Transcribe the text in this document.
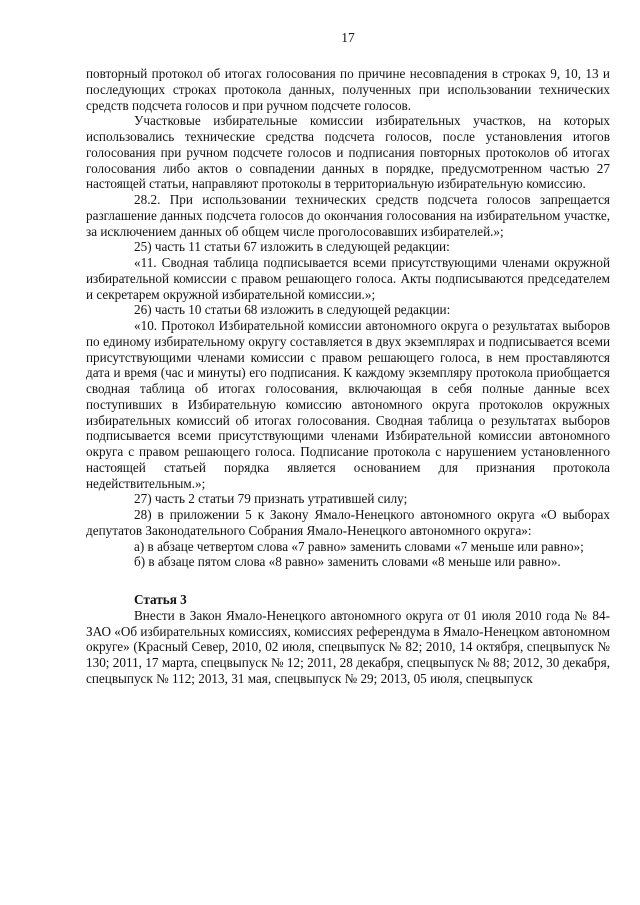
17

повторный протокол об итогах голосования по причине несовпадения в строках 9, 10, 13 и последующих строках протокола данных, полученных при использовании технических средств подсчета голосов и при ручном подсчете голосов.

Участковые избирательные комиссии избирательных участков, на которых использовались технические средства подсчета голосов, после установления итогов голосования при ручном подсчете голосов и подписания повторных протоколов об итогах голосования либо актов о совпадении данных в порядке, предусмотренном частью 27 настоящей статьи, направляют протоколы в территориальную избирательную комиссию.

28.2. При использовании технических средств подсчета голосов запрещается разглашение данных подсчета голосов до окончания голосования на избирательном участке, за исключением данных об общем числе проголосовавших избирателей.»;

25) часть 11 статьи 67 изложить в следующей редакции:

«11. Сводная таблица подписывается всеми присутствующими членами окружной избирательной комиссии с правом решающего голоса. Акты подписываются председателем и секретарем окружной избирательной комиссии.»;

26) часть 10 статьи 68 изложить в следующей редакции:

«10. Протокол Избирательной комиссии автономного округа о результатах выборов по единому избирательному округу составляется в двух экземплярах и подписывается всеми присутствующими членами комиссии с правом решающего голоса, в нем проставляются дата и время (час и минуты) его подписания. К каждому экземпляру протокола приобщается сводная таблица об итогах голосования, включающая в себя полные данные всех поступивших в Избирательную комиссию автономного округа протоколов окружных избирательных комиссий об итогах голосования. Сводная таблица о результатах выборов подписывается всеми присутствующими членами Избирательной комиссии автономного округа с правом решающего голоса. Подписание протокола с нарушением установленного настоящей статьей порядка является основанием для признания протокола недействительным.»;

27) часть 2 статьи 79 признать утратившей силу;

28) в приложении 5 к Закону Ямало-Ненецкого автономного округа «О выборах депутатов Законодательного Собрания Ямало-Ненецкого автономного округа»:

а) в абзаце четвертом слова «7 равно» заменить словами «7 меньше или равно»;

б) в абзаце пятом слова «8 равно» заменить словами «8 меньше или равно».

Статья 3

Внести в Закон Ямало-Ненецкого автономного округа от 01 июля 2010 года № 84-ЗАО «Об избирательных комиссиях, комиссиях референдума в Ямало-Ненецком автономном округе» (Красный Север, 2010, 02 июля, спецвыпуск № 82; 2010, 14 октября, спецвыпуск № 130; 2011, 17 марта, спецвыпуск № 12; 2011, 28 декабря, спецвыпуск № 88; 2012, 30 декабря, спецвыпуск № 112; 2013, 31 мая, спецвыпуск № 29; 2013, 05 июля, спецвыпуск
